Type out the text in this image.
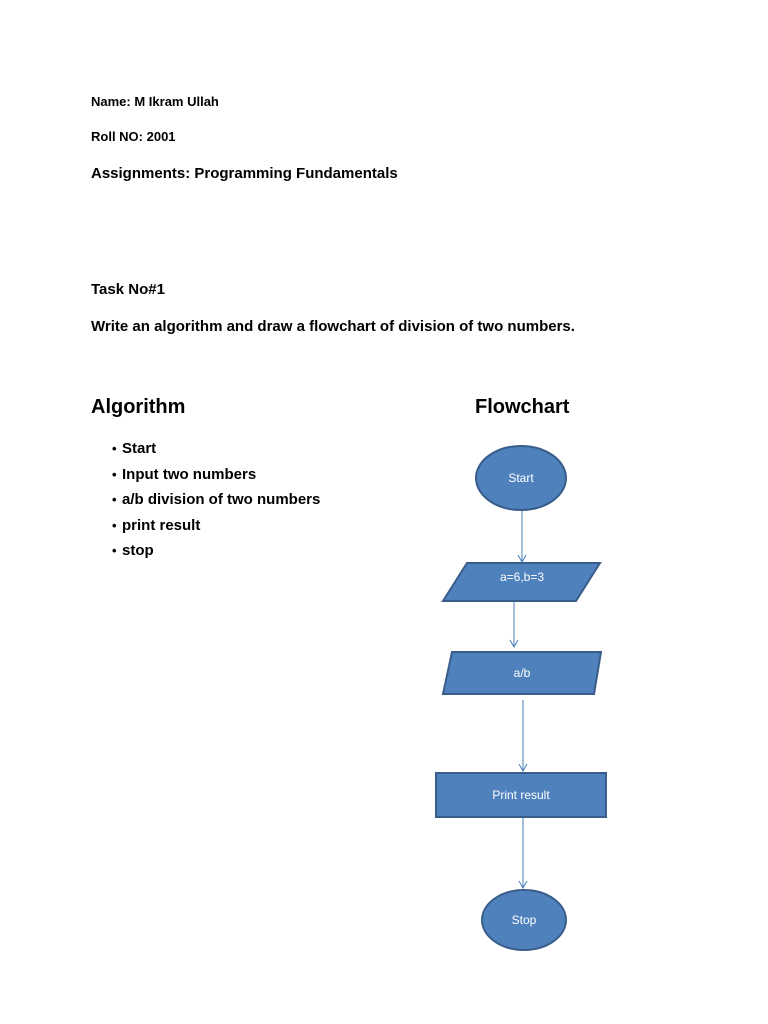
Name: M Ikram Ullah
Roll NO: 2001
Assignments: Programming Fundamentals
Task No#1
Write an algorithm and draw a flowchart of division of two numbers.
Algorithm	Flowchart
• Start
• Input two numbers
• a/b division of two numbers
• print result
• stop
Start
a=6,b=3
a/b
Print result
Stop
